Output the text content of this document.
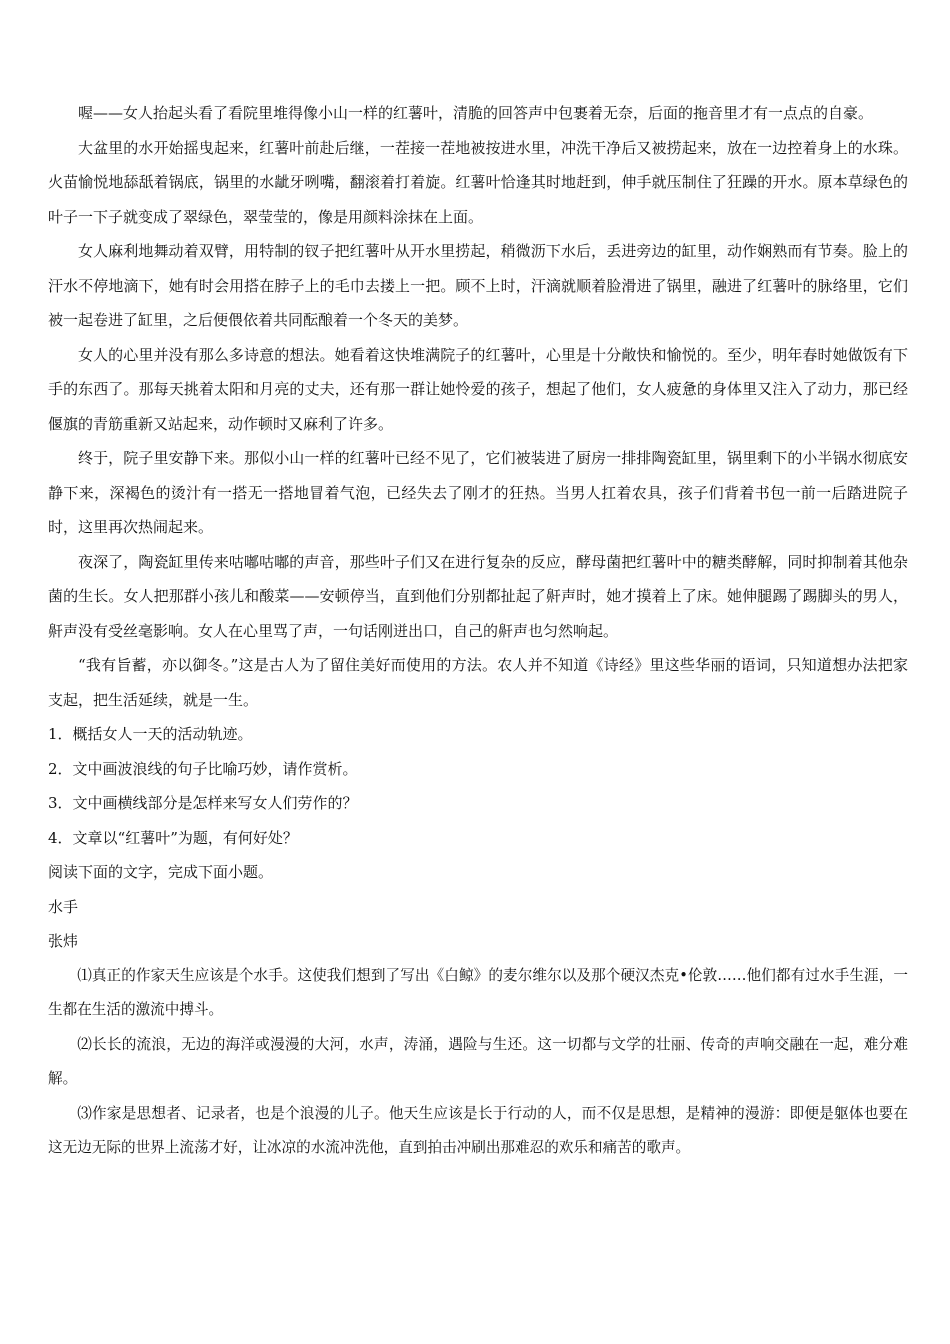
喔——女人抬起头看了看院里堆得像小山一样的红薯叶，清脆的回答声中包裹着无奈，后面的拖音里才有一点点的自豪。

大盆里的水开始摇曳起来，红薯叶前赴后继，一茬接一茬地被按进水里，冲洗干净后又被捞起来，放在一边控着身上的水珠。火苗愉悦地舔舐着锅底，锅里的水龇牙咧嘴，翻滚着打着旋。红薯叶恰逢其时地赶到，伸手就压制住了狂躁的开水。原本草绿色的叶子一下子就变成了翠绿色，翠莹莹的，像是用颜料涂抹在上面。

女人麻利地舞动着双臂，用特制的钗子把红薯叶从开水里捞起，稍微沥下水后，丢进旁边的缸里，动作娴熟而有节奏。脸上的汗水不停地滴下，她有时会用搭在脖子上的毛巾去搂上一把。顾不上时，汗滴就顺着脸滑进了锅里，融进了红薯叶的脉络里，它们被一起卷进了缸里，之后便偎依着共同酝酿着一个冬天的美梦。

女人的心里并没有那么多诗意的想法。她看着这快堆满院子的红薯叶，心里是十分敞快和愉悦的。至少，明年春时她做饭有下手的东西了。那每天挑着太阳和月亮的丈夫，还有那一群让她怜爱的孩子，想起了他们，女人疲惫的身体里又注入了动力，那已经偃旗的青筋重新又站起来，动作顿时又麻利了许多。

终于，院子里安静下来。那似小山一样的红薯叶已经不见了，它们被装进了厨房一排排陶瓷缸里，锅里剩下的小半锅水彻底安静下来，深褐色的烫汁有一搭无一搭地冒着气泡，已经失去了刚才的狂热。当男人扛着农具，孩子们背着书包一前一后踏进院子时，这里再次热闹起来。

夜深了，陶瓷缸里传来咕嘟咕嘟的声音，那些叶子们又在进行复杂的反应，酵母菌把红薯叶中的糖类酵解，同时抑制着其他杂菌的生长。女人把那群小孩儿和酸菜——安顿停当，直到他们分别都扯起了鼾声时，她才摸着上了床。她伸腿踢了踢脚头的男人，鼾声没有受丝毫影响。女人在心里骂了声，一句话刚迸出口，自己的鼾声也匀然响起。

“我有旨蓄，亦以御冬。”这是古人为了留住美好而使用的方法。农人并不知道《诗经》里这些华丽的语词，只知道想办法把家支起，把生活延续，就是一生。

1．概括女人一天的活动轨迹。

2．文中画波浪线的句子比喻巧妙，请作赏析。

3．文中画横线部分是怎样来写女人们劳作的？

4．文章以“红薯叶”为题，有何好处？

阅读下面的文字，完成下面小题。

水手

张炜

⑴真正的作家天生应该是个水手。这使我们想到了写出《白鲸》的麦尔维尔以及那个硬汉杰克•伦敦……他们都有过水手生涯，一生都在生活的激流中搏斗。

⑵长长的流浪，无边的海洋或漫漫的大河，水声，涛涌，遇险与生还。这一切都与文学的壮丽、传奇的声响交融在一起，难分难解。

⑶作家是思想者、记录者，也是个浪漫的儿子。他天生应该是长于行动的人，而不仅是思想，是精神的漫游：即便是躯体也要在这无边无际的世界上流荡才好，让冰凉的水流冲洗他，直到拍击冲刷出那难忍的欢乐和痛苦的歌声。
